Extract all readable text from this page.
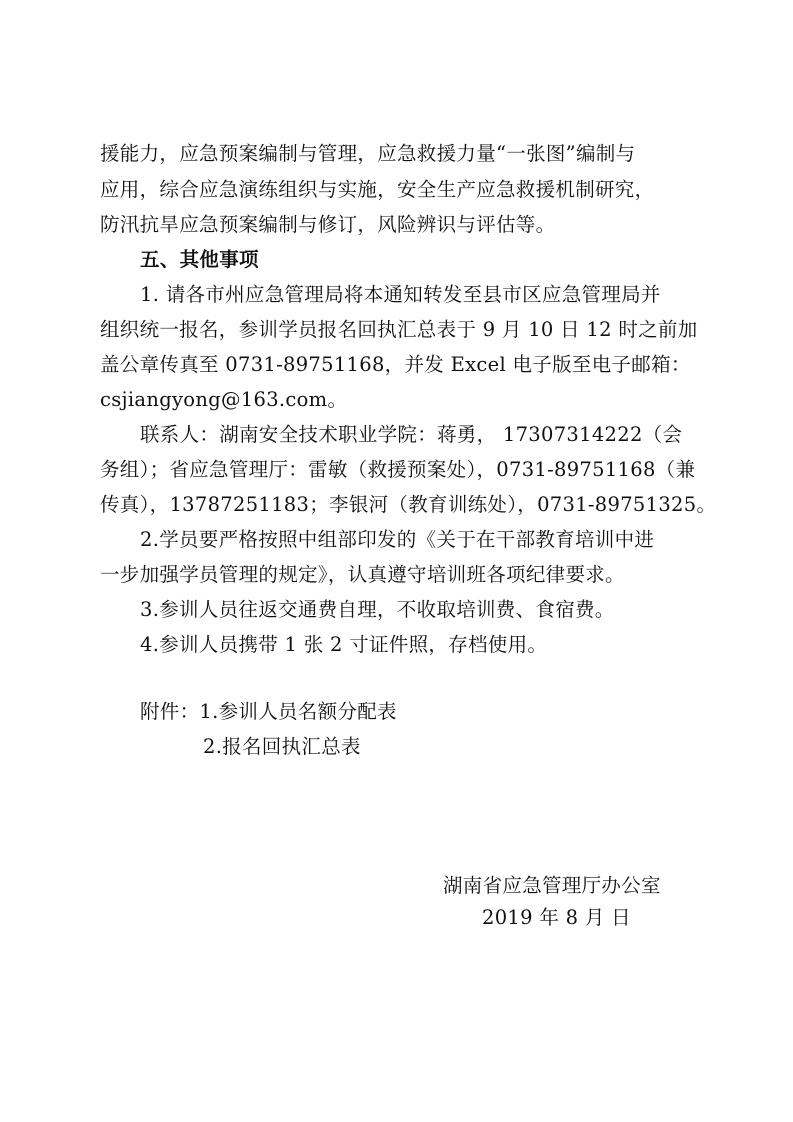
援能力，应急预案编制与管理，应急救援力量“一张图”编制与
应用，综合应急演练组织与实施，安全生产应急救援机制研究，
防汛抗旱应急预案编制与修订，风险辨识与评估等。
五、其他事项
1. 请各市州应急管理局将本通知转发至县市区应急管理局并
组织统一报名，参训学员报名回执汇总表于 9 月 10 日 12 时之前加
盖公章传真至 0731-89751168，并发 Excel 电子版至电子邮箱：
csjiangyong@163.com。
联系人：湖南安全技术职业学院：蒋勇， 17307314222（会
务组）；省应急管理厅：雷敏（救援预案处），0731-89751168（兼
传真），13787251183；李银河（教育训练处），0731-89751325。
2.学员要严格按照中组部印发的《关于在干部教育培训中进
一步加强学员管理的规定》，认真遵守培训班各项纪律要求。
3.参训人员往返交通费自理，不收取培训费、食宿费。
4.参训人员携带 1 张 2 寸证件照，存档使用。
附件：1.参训人员名额分配表
2.报名回执汇总表
湖南省应急管理厅办公室
2019 年 8 月 日
